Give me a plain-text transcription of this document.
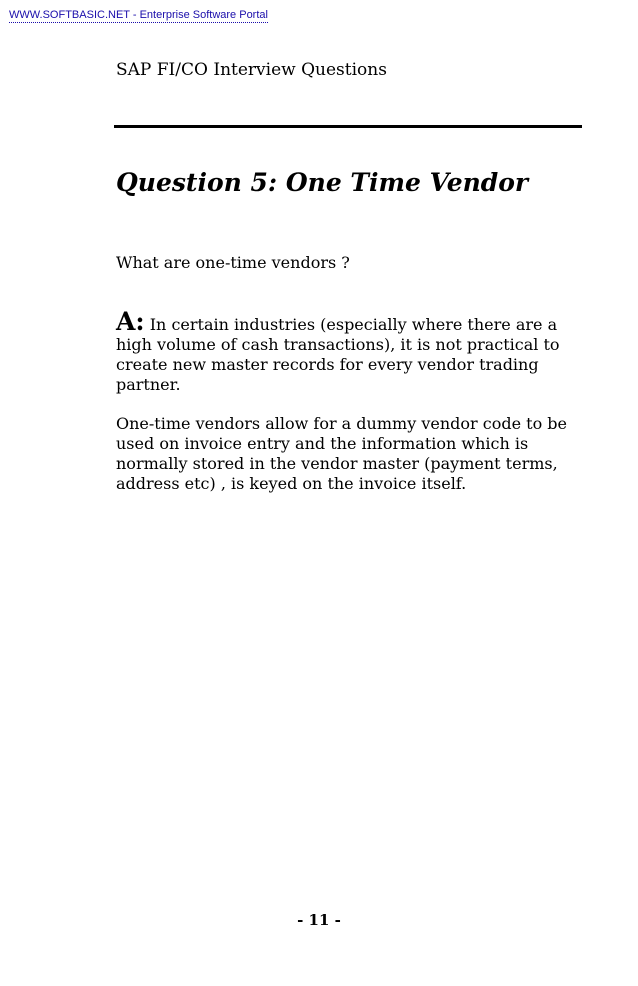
WWW.SOFTBASIC.NET - Enterprise Software Portal
SAP FI/CO Interview Questions
Question 5: One Time Vendor
What are one-time vendors ?

A: In certain industries (especially where there are a high volume of cash transactions), it is not practical to create new master records for every vendor trading partner.

One-time vendors allow for a dummy vendor code to be used on invoice entry and the information which is normally stored in the vendor master (payment terms, address etc) , is keyed on the invoice itself.

- 11 -
